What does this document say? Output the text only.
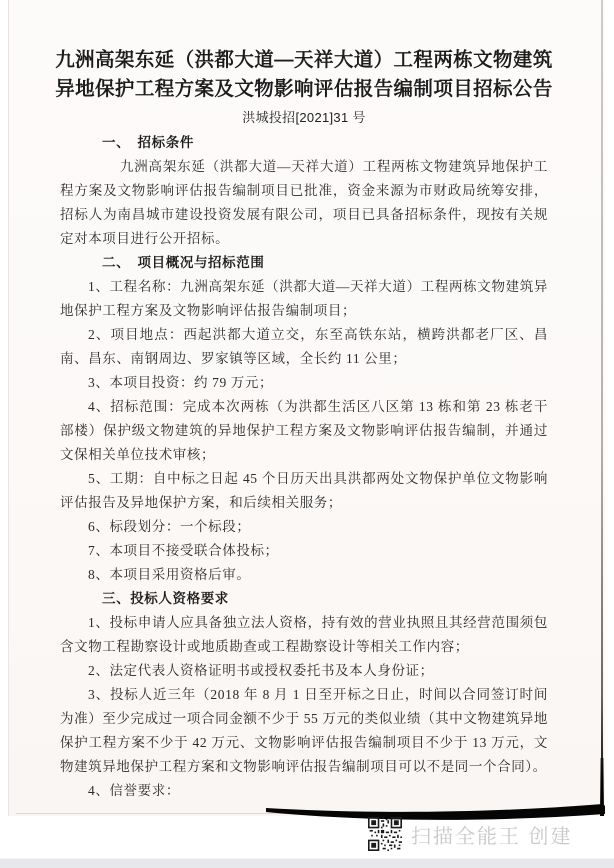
九洲高架东延（洪都大道—天祥大道）工程两栋文物建筑
异地保护工程方案及文物影响评估报告编制项目招标公告
洪城投招[2021]31 号

一、　招标条件

九洲高架东延（洪都大道—天祥大道）工程两栋文物建筑异地保护工程方案及文物影响评估报告编制项目已批准，资金来源为市财政局统筹安排，招标人为南昌城市建设投资发展有限公司，项目已具备招标条件，现按有关规定对本项目进行公开招标。

二、　项目概况与招标范围

1、工程名称：九洲高架东延（洪都大道—天祥大道）工程两栋文物建筑异地保护工程方案及文物影响评估报告编制项目；

2、项目地点：西起洪都大道立交，东至高铁东站，横跨洪都老厂区、昌南、昌东、南钢周边、罗家镇等区域，全长约 11 公里；

3、本项目投资：约 79 万元；

4、招标范围：完成本次两栋（为洪都生活区八区第 13 栋和第 23 栋老干部楼）保护级文物建筑的异地保护工程方案及文物影响评估报告编制，并通过文保相关单位技术审核；

5、工期：自中标之日起 45 个日历天出具洪都两处文物保护单位文物影响评估报告及异地保护方案，和后续相关服务；

6、标段划分：一个标段；

7、本项目不接受联合体投标；

8、本项目采用资格后审。

三、投标人资格要求

1、投标申请人应具备独立法人资格，持有效的营业执照且其经营范围须包含文物工程勘察设计或地质勘查或工程勘察设计等相关工作内容；

2、法定代表人资格证明书或授权委托书及本人身份证；

3、投标人近三年（2018 年 8 月 1 日至开标之日止，时间以合同签订时间为准）至少完成过一项合同金额不少于 55 万元的类似业绩（其中文物建筑异地保护工程方案不少于 42 万元、文物影响评估报告编制项目不少于 13 万元，文物建筑异地保护工程方案和文物影响评估报告编制项目可以不是同一个合同）。

4、信誉要求：

扫描全能王 创建
